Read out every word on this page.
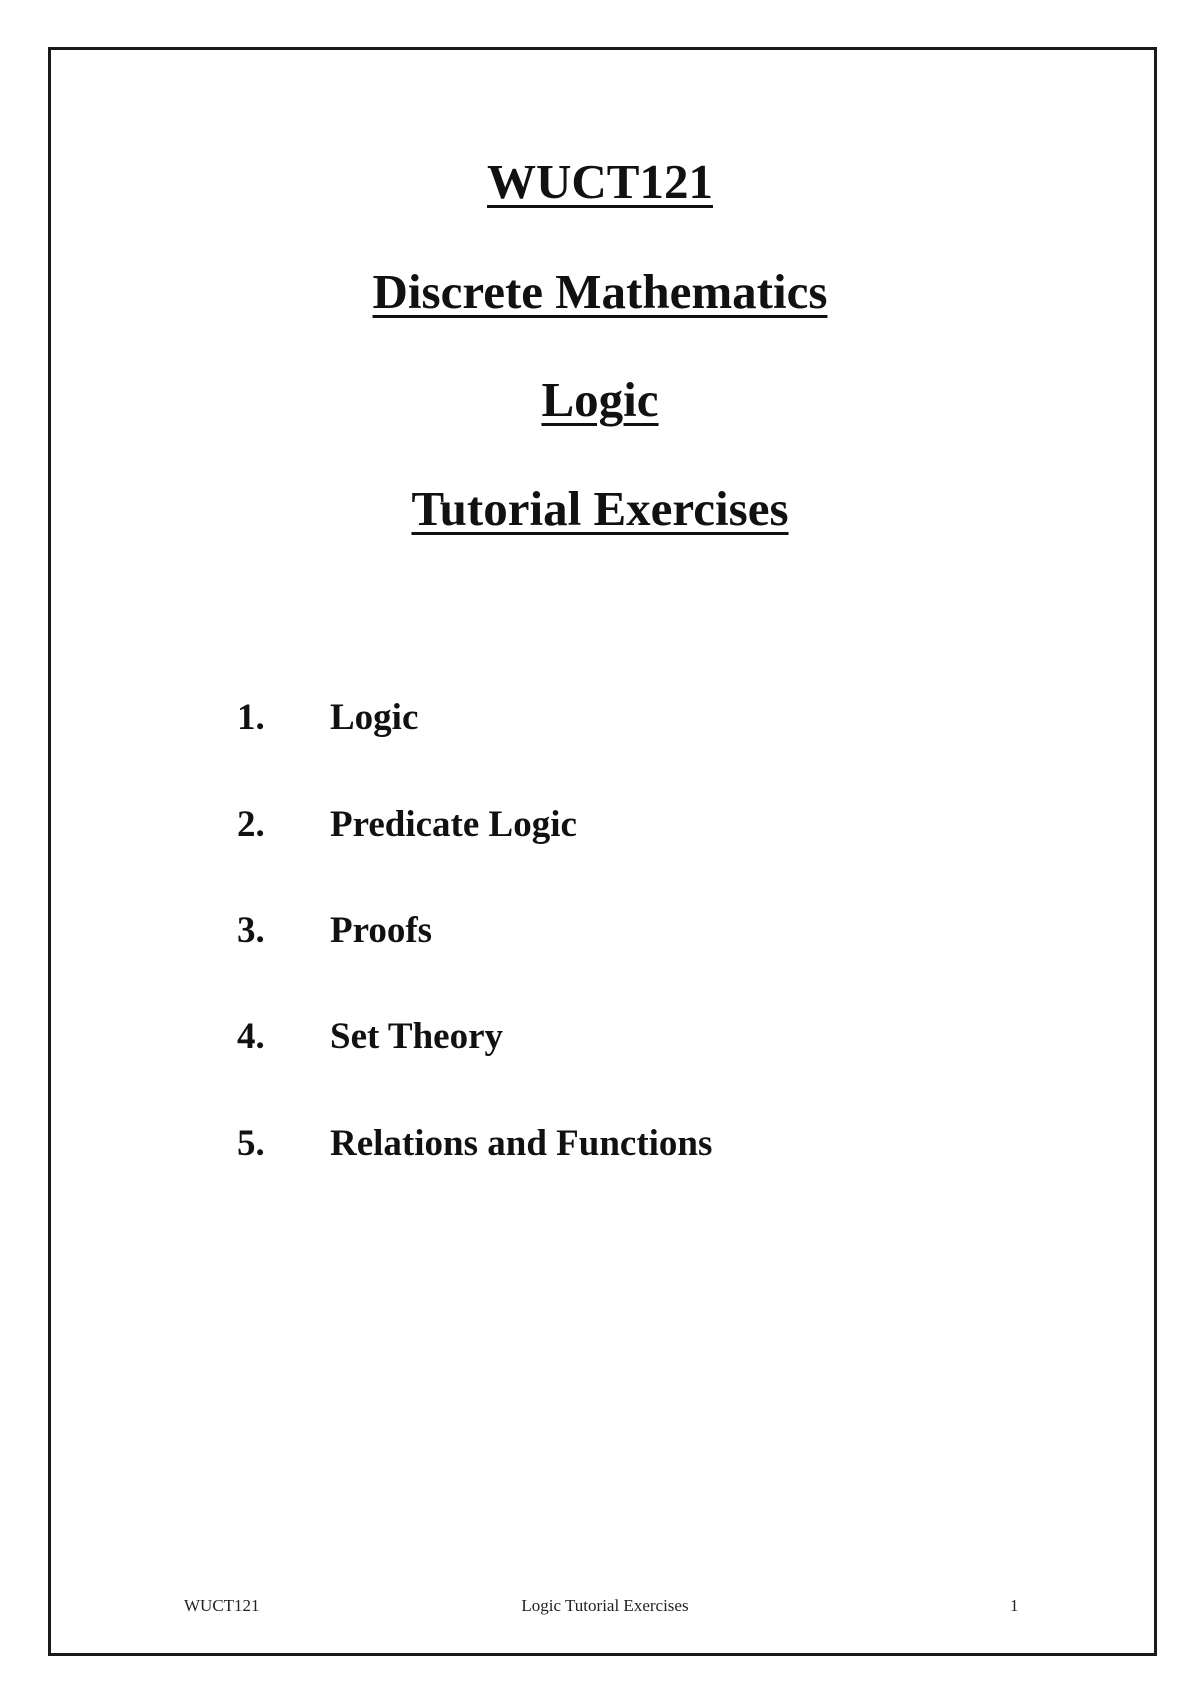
WUCT121
Discrete Mathematics
Logic
Tutorial Exercises
1. Logic
2. Predicate Logic
3. Proofs
4. Set Theory
5. Relations and Functions
WUCT121	Logic Tutorial Exercises	1
